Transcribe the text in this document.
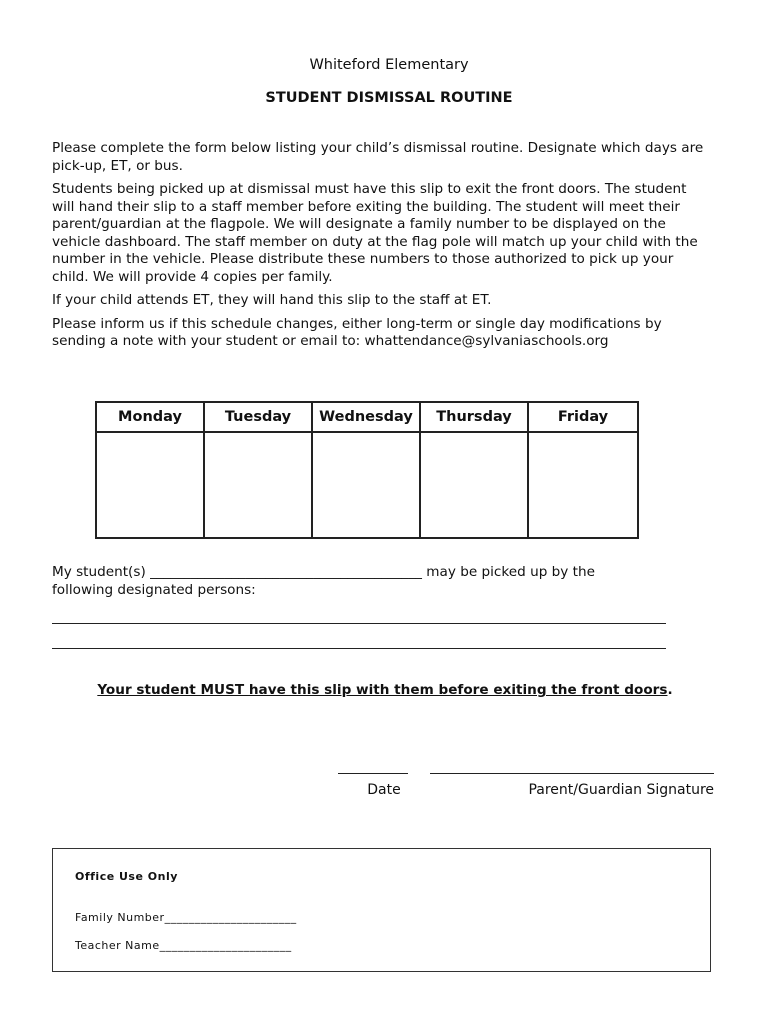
Whiteford Elementary
STUDENT DISMISSAL ROUTINE

Please complete the form below listing your child’s dismissal routine. Designate which days are pick-up, ET, or bus.

Students being picked up at dismissal must have this slip to exit the front doors. The student will hand their slip to a staff member before exiting the building. The student will meet their parent/guardian at the flagpole. We will designate a family number to be displayed on the vehicle dashboard. The staff member on duty at the flag pole will match up your child with the number in the vehicle. Please distribute these numbers to those authorized to pick up your child. We will provide 4 copies per family.

If your child attends ET, they will hand this slip to the staff at ET.

Please inform us if this schedule changes, either long-term or single day modifications by sending a note with your student or email to: whattendance@sylvaniaschools.org

Monday	Tuesday	Wednesday	Thursday	Friday
My student(s) ________________________________________ may be picked up by the
following designated persons:
Your student MUST have this slip with them before exiting the front doors.
Date	Parent/Guardian Signature
Office Use Only
Family Number______________________
Teacher Name______________________
